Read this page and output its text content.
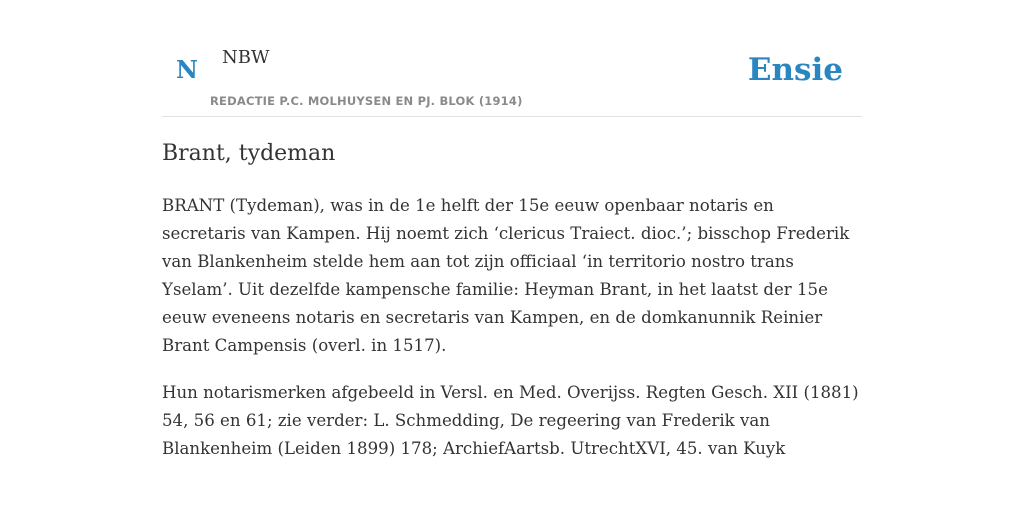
N NBW
REDACTIE P.C. MOLHUYSEN EN PJ. BLOK (1914)
Ensie
Brant, tydeman

BRANT (Tydeman), was in de 1e helft der 15e eeuw openbaar notaris en secretaris van Kampen. Hij noemt zich ‘clericus Traiect. dioc.’; bisschop Frederik van Blankenheim stelde hem aan tot zijn officiaal ‘in territorio nostro trans Yselam’. Uit dezelfde kampensche familie: Heyman Brant, in het laatst der 15e eeuw eveneens notaris en secretaris van Kampen, en de domkanunnik Reinier Brant Campensis (overl. in 1517).

Hun notarismerken afgebeeld in Versl. en Med. Overijss. Regten Gesch. XII (1881) 54, 56 en 61; zie verder: L. Schmedding, De regeering van Frederik van Blankenheim (Leiden 1899) 178; ArchiefAartsb. UtrechtXVI, 45. van Kuyk
